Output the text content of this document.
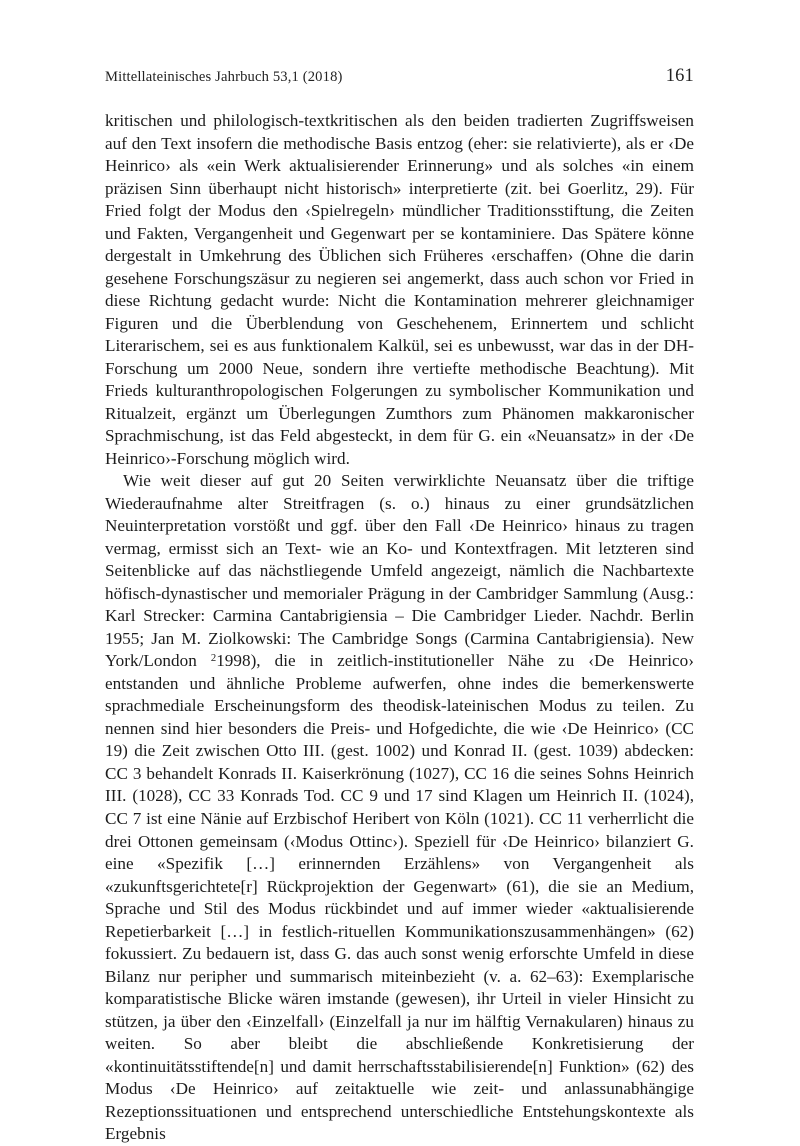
Mittellateinisches Jahrbuch 53,1 (2018)	161

kritischen und philologisch-textkritischen als den beiden tradierten Zugriffsweisen auf den Text insofern die methodische Basis entzog (eher: sie relativierte), als er ‹De Heinrico› als «ein Werk aktualisierender Erinnerung» und als solches «in einem präzisen Sinn überhaupt nicht historisch» interpretierte (zit. bei Goerlitz, 29). Für Fried folgt der Modus den ‹Spielregeln› mündlicher Traditionsstiftung, die Zeiten und Fakten, Vergangenheit und Gegenwart per se kontaminiere. Das Spätere könne dergestalt in Umkehrung des Üblichen sich Früheres ‹erschaffen› (Ohne die darin gesehene Forschungszäsur zu negieren sei angemerkt, dass auch schon vor Fried in diese Richtung gedacht wurde: Nicht die Kontamination mehrerer gleichnamiger Figuren und die Überblendung von Geschehenem, Erinnertem und schlicht Literarischem, sei es aus funktionalem Kalkül, sei es unbewusst, war das in der DH-Forschung um 2000 Neue, sondern ihre vertiefte methodische Beachtung). Mit Frieds kulturanthropologischen Folgerungen zu symbolischer Kommunikation und Ritualzeit, ergänzt um Überlegungen Zumthors zum Phänomen makkaronischer Sprachmischung, ist das Feld abgesteckt, in dem für G. ein «Neuansatz» in der ‹De Heinrico›-Forschung möglich wird.

Wie weit dieser auf gut 20 Seiten verwirklichte Neuansatz über die triftige Wiederaufnahme alter Streitfragen (s. o.) hinaus zu einer grundsätzlichen Neuinterpretation vorstößt und ggf. über den Fall ‹De Heinrico› hinaus zu tragen vermag, ermisst sich an Text- wie an Ko- und Kontextfragen. Mit letzteren sind Seitenblicke auf das nächstliegende Umfeld angezeigt, nämlich die Nachbartexte höfisch-dynastischer und memorialer Prägung in der Cambridger Sammlung (Ausg.: Karl Strecker: Carmina Cantabrigiensia – Die Cambridger Lieder. Nachdr. Berlin 1955; Jan M. Ziolkowski: The Cambridge Songs (Carmina Cantabrigiensia). New York/London $^2$1998), die in zeitlich-institutioneller Nähe zu ‹De Heinrico› entstanden und ähnliche Probleme aufwerfen, ohne indes die bemerkenswerte sprachmediale Erscheinungsform des theodisk-lateinischen Modus zu teilen. Zu nennen sind hier besonders die Preis- und Hofgedichte, die wie ‹De Heinrico› (CC 19) die Zeit zwischen Otto III. (gest. 1002) und Konrad II. (gest. 1039) abdecken: CC 3 behandelt Konrads II. Kaiserkrönung (1027), CC 16 die seines Sohns Heinrich III. (1028), CC 33 Konrads Tod. CC 9 und 17 sind Klagen um Heinrich II. (1024), CC 7 ist eine Nänie auf Erzbischof Heribert von Köln (1021). CC 11 verherrlicht die drei Ottonen gemeinsam (‹Modus Ottinc›). Speziell für ‹De Heinrico› bilanziert G. eine «Spezifik […] erinnernden Erzählens» von Vergangenheit als «zukunftsgerichtete[r] Rückprojektion der Gegenwart» (61), die sie an Medium, Sprache und Stil des Modus rückbindet und auf immer wieder «aktualisierende Repetierbarkeit […] in festlich-rituellen Kommunikationszusammenhängen» (62) fokussiert. Zu bedauern ist, dass G. das auch sonst wenig erforschte Umfeld in diese Bilanz nur peripher und summarisch miteinbezieht (v. a. 62–63): Exemplarische komparatistische Blicke wären imstande (gewesen), ihr Urteil in vieler Hinsicht zu stützen, ja über den ‹Einzelfall› (Einzelfall ja nur im hälftig Vernakularen) hinaus zu weiten. So aber bleibt die abschließende Konkretisierung der «kontinuitätsstiftende[n] und damit herrschaftsstabilisierende[n] Funktion» (62) des Modus ‹De Heinrico› auf zeitaktuelle wie zeit- und anlassunabhängige Rezeptionssituationen und entsprechend unterschiedliche Entstehungskontexte als Ergebnis
